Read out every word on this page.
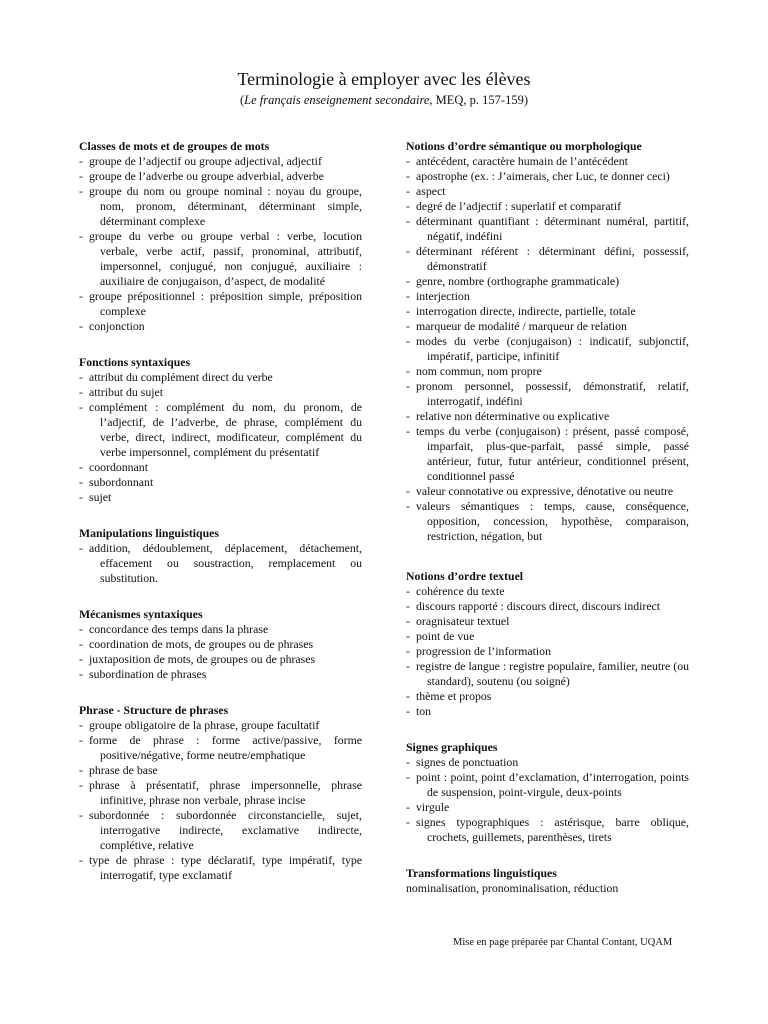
Terminologie à employer avec les élèves
(Le français enseignement secondaire, MEQ, p. 157-159)
Classes de mots et de groupes de mots
- groupe de l’adjectif ou groupe adjectival, adjectif
- groupe de l’adverbe ou groupe adverbial, adverbe
- groupe du nom ou groupe nominal : noyau du groupe, nom, pronom, déterminant, déterminant simple, déterminant complexe
- groupe du verbe ou groupe verbal : verbe, locution verbale, verbe actif, passif, pronominal, attributif, impersonnel, conjugué, non conjugué, auxiliaire : auxiliaire de conjugaison, d’aspect, de modalité
- groupe prépositionnel : préposition simple, préposition complexe
- conjonction
Fonctions syntaxiques
- attribut du complément direct du verbe
- attribut du sujet
- complément : complément du nom, du pronom, de l’adjectif, de l’adverbe, de phrase, complément du verbe, direct, indirect, modificateur, complément du verbe impersonnel, complément du présentatif
- coordonnant
- subordonnant
- sujet
Manipulations linguistiques
- addition, dédoublement, déplacement, détachement, effacement ou soustraction, remplacement ou substitution.
Mécanismes syntaxiques
- concordance des temps dans la phrase
- coordination de mots, de groupes ou de phrases
- juxtaposition de mots, de groupes ou de phrases
- subordination de phrases
Phrase - Structure de phrases
- groupe obligatoire de la phrase, groupe facultatif
- forme de phrase : forme active/passive, forme positive/négative, forme neutre/emphatique
- phrase de base
- phrase à présentatif, phrase impersonnelle, phrase infinitive, phrase non verbale, phrase incise
- subordonnée : subordonnée circonstancielle, sujet, interrogative indirecte, exclamative indirecte, complétive, relative
- type de phrase : type déclaratif, type impératif, type interrogatif, type exclamatif
Notions d’ordre sémantique ou morphologique
- antécédent, caractère humain de l’antécédent
- apostrophe (ex. : J’aimerais, cher Luc, te donner ceci)
- aspect
- degré de l’adjectif : superlatif et comparatif
- déterminant quantifiant : déterminant numéral, partitif, négatif, indéfini
- déterminant référent : déterminant défini, possessif, démonstratif
- genre, nombre (orthographe grammaticale)
- interjection
- interrogation directe, indirecte, partielle, totale
- marqueur de modalité / marqueur de relation
- modes du verbe (conjugaison) : indicatif, subjonctif, impératif, participe, infinitif
- nom commun, nom propre
- pronom personnel, possessif, démonstratif, relatif, interrogatif, indéfini
- relative non déterminative ou explicative
- temps du verbe (conjugaison) : présent, passé composé, imparfait, plus-que-parfait, passé simple, passé antérieur, futur, futur antérieur, conditionnel présent, conditionnel passé
- valeur connotative ou expressive, dénotative ou neutre
- valeurs sémantiques : temps, cause, conséquence, opposition, concession, hypothèse, comparaison, restriction, négation, but
Notions d’ordre textuel
- cohérence du texte
- discours rapporté : discours direct, discours indirect
- oragnisateur textuel
- point de vue
- progression de l’information
- registre de langue : registre populaire, familier, neutre (ou standard), soutenu (ou soigné)
- thème et propos
- ton
Signes graphiques
- signes de ponctuation
- point : point, point d’exclamation, d’interrogation, points de suspension, point-virgule, deux-points
- virgule
- signes typographiques : astérisque, barre oblique, crochets, guillemets, parenthèses, tirets
Transformations linguistiques

nominalisation, pronominalisation, réduction

Mise en page préparée par Chantal Contant, UQAM
